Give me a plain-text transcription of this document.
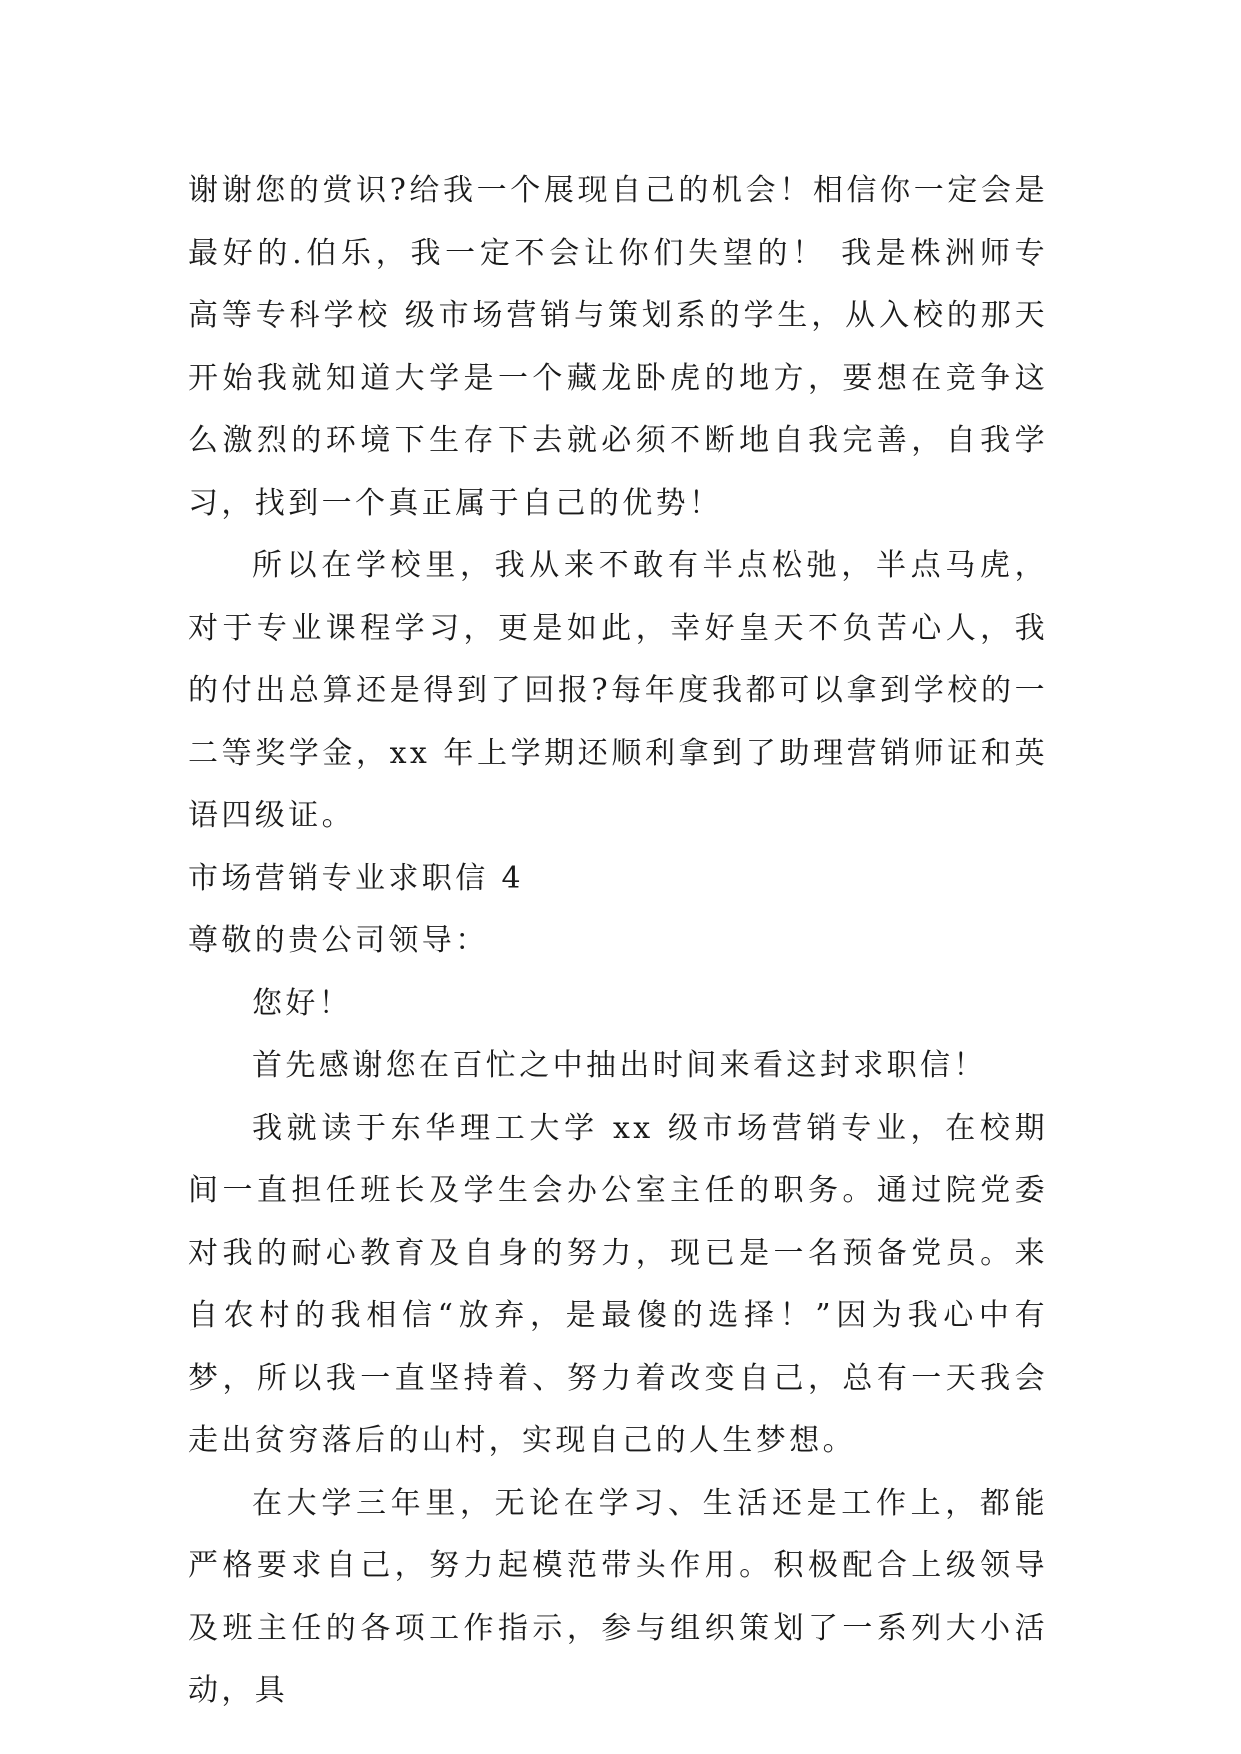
谢谢您的赏识?给我一个展现自己的机会！相信你一定会是最好的.伯乐，我一定不会让你们失望的！ 我是株洲师专高等专科学校 级市场营销与策划系的学生，从入校的那天开始我就知道大学是一个藏龙卧虎的地方，要想在竞争这么激烈的环境下生存下去就必须不断地自我完善，自我学习，找到一个真正属于自己的优势！

所以在学校里，我从来不敢有半点松弛，半点马虎，对于专业课程学习，更是如此，幸好皇天不负苦心人，我的付出总算还是得到了回报?每年度我都可以拿到学校的一二等奖学金，xx 年上学期还顺利拿到了助理营销师证和英语四级证。

市场营销专业求职信 4

尊敬的贵公司领导：

您好！

首先感谢您在百忙之中抽出时间来看这封求职信！

我就读于东华理工大学 xx 级市场营销专业，在校期间一直担任班长及学生会办公室主任的职务。通过院党委对我的耐心教育及自身的努力，现已是一名预备党员。来自农村的我相信“放弃，是最傻的选择！”因为我心中有梦，所以我一直坚持着、努力着改变自己，总有一天我会走出贫穷落后的山村，实现自己的人生梦想。

在大学三年里，无论在学习、生活还是工作上，都能严格要求自己，努力起模范带头作用。积极配合上级领导及班主任的各项工作指示，参与组织策划了一系列大小活动，具
